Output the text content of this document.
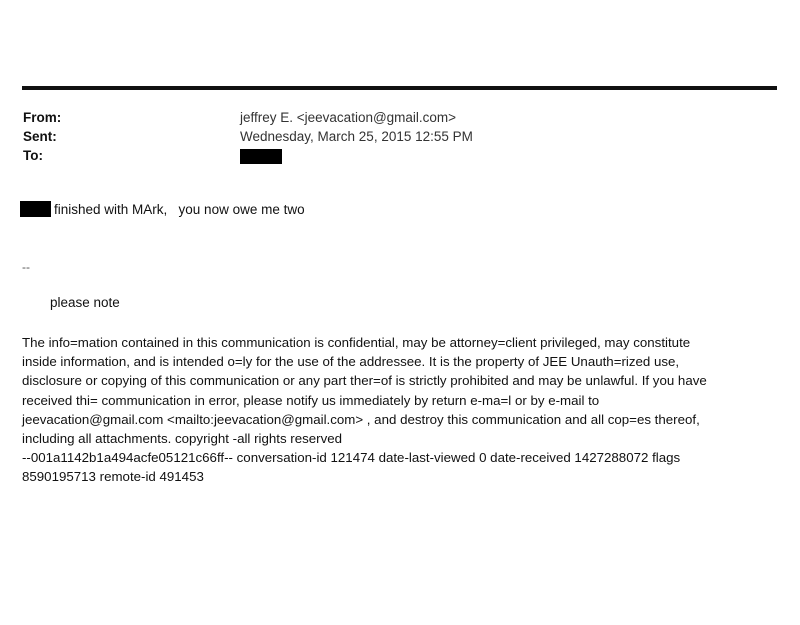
From:	jeffrey E. <jeevacation@gmail.com>
Sent:	Wednesday, March 25, 2015 12:55 PM
To:
finished with MArk,   you now owe me two
--
please note
The info=mation contained in this communication is confidential, may be attorney=client privileged, may constitute
inside information, and is intended o=ly for the use of the addressee. It is the property of JEE Unauth=rized use,
disclosure or copying of this communication or any part ther=of is strictly prohibited and may be unlawful. If you have
received thi= communication in error, please notify us immediately by return e-ma=l or by e-mail to
jeevacation@gmail.com <mailto:jeevacation@gmail.com> , and destroy this communication and all cop=es thereof,
including all attachments. copyright -all rights reserved
--001a1142b1a494acfe05121c66ff-- conversation-id 121474 date-last-viewed 0 date-received 1427288072 flags
8590195713 remote-id 491453
